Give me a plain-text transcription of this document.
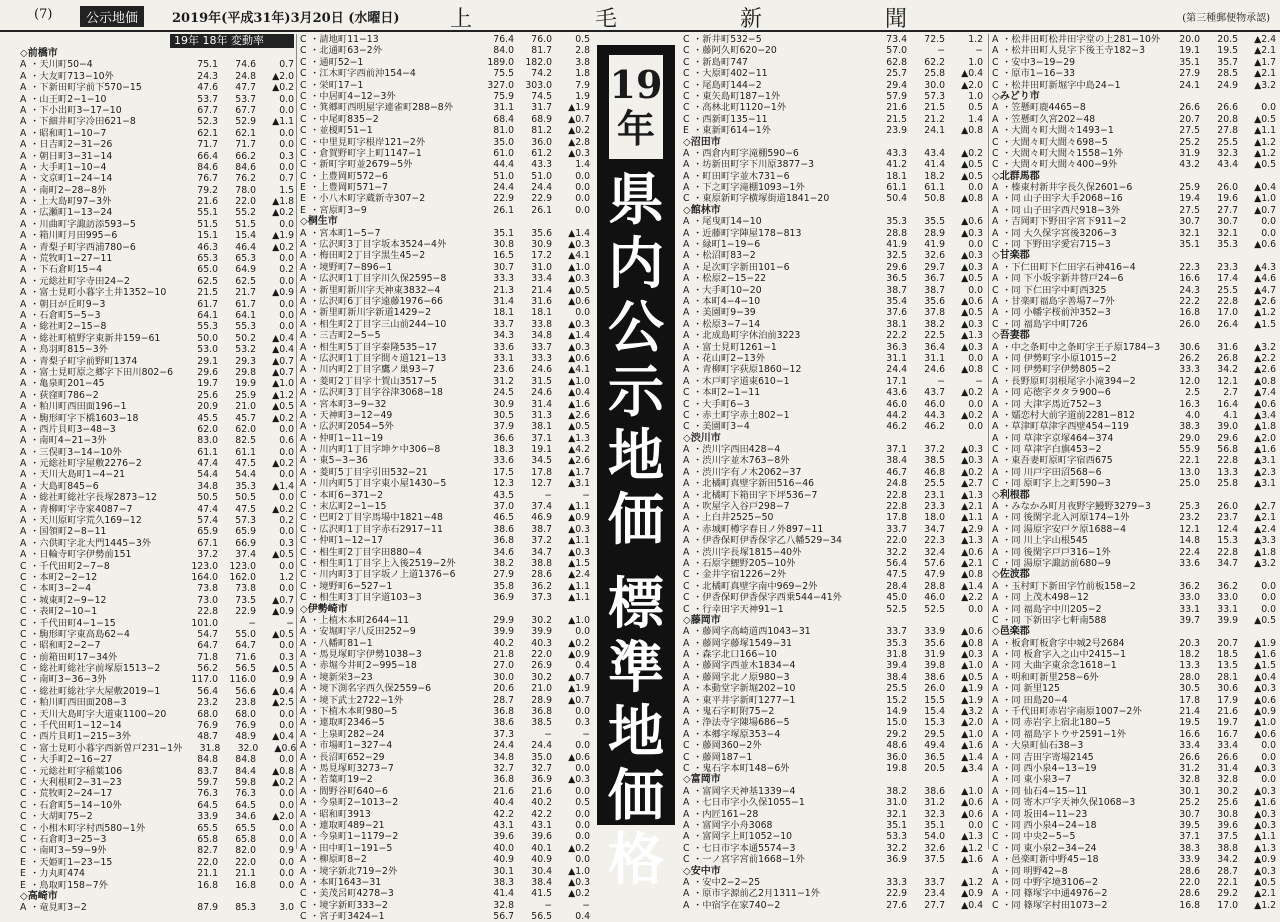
(7)	公示地価	2019年(平成31年)3月20日 (水曜日) 上 毛 新 聞	(第三種郵便物承認)
19年 18年 変動率
◇前橋市
A ・天川町50−4	75.1	74.6	0.7
A ・大友町713−10外	24.3	24.8	▲2.0
A ・下新田町字前下570−15	47.6	47.7	▲0.2
A ・山王町2−1−10	53.7	53.7	0.0
A ・下小出町3−17−10	67.7	67.7	0.0
A ・下細井町字冷田621−8	52.3	52.9	▲1.1
A ・昭和町1−10−7	62.1	62.1	0.0
A ・日吉町2−31−26	71.7	71.7	0.0
A ・朝日町3−31−14	66.4	66.2	0.3
A ・大手町1−10−4	84.6	84.6	0.0
A ・文京町1−24−14	76.7	76.2	0.7
A ・南町2−28−8外	79.2	78.0	1.5
A ・上大島町97−3外	21.6	22.0	▲1.8
A ・広瀬町1−13−24	55.1	55.2	▲0.2
A ・川曲町字諏訪添593−5	51.5	51.5	0.0
A ・箱川町月田995−6	15.1	15.4	▲1.9
A ・青梨子町字西浦780−6	46.3	46.4	▲0.2
A ・荒牧町1−27−11	65.3	65.3	0.0
A ・下石倉町15−4	65.0	64.9	0.2
A ・元総社町字寺田24−2	62.5	62.5	0.0
A ・富士見町小暮字土井1352−10	21.5	21.7	▲0.9
A ・朝日が丘町9−3	61.7	61.7	0.0
A ・石倉町5−5−3	64.1	64.1	0.0
A ・総社町2−15−8	55.3	55.3	0.0
A ・総社町植野字東新井159−61	50.0	50.2	▲0.4
A ・鳥羽町815−3外	53.0	53.2	▲0.4
A ・青梨子町字前野町1374	29.1	29.3	▲0.7
A ・富士見町原之郷字下田川802−6	29.6	29.8	▲0.7
A ・亀泉町201−45	19.7	19.9	▲1.0
A ・荻窪町786−2	25.6	25.9	▲1.2
A ・粕川町西田面196−1	20.9	21.0	▲0.5
A ・駒形町字下橋1603−18	45.5	45.7	▲0.2
A ・西片貝町3−48−3	62.0	62.0	0.0
A ・南町4−21−3外	83.0	82.5	0.6
A ・三俣町3−14−10外	61.1	61.1	0.0
A ・元総社町字屋敷2276−2	47.4	47.5	▲0.2
A ・天川大島町1−4−21	54.4	54.4	0.0
A ・大島町845−6	34.8	35.3	▲1.4
A ・総社町総社字長塚2873−12	50.5	50.5	0.0
A ・青柳町字寺家4087−7	47.4	47.5	▲0.2
A ・天川原町字荒久169−12	57.4	57.3	0.2
A ・国領町2−8−11	65.9	65.9	0.0
A ・六供町字北大門1445−3外	67.1	66.9	0.3
A ・日輪寺町字伊勢前151	37.2	37.4	▲0.5
C ・千代田町2−7−8	123.0	123.0	0.0
C ・本町2−2−12	164.0	162.0	1.2
C ・本町3−2−4	73.8	73.8	0.0
C ・城東町2−9−12	73.0	73.5	▲0.7
C ・表町2−10−1	22.8	22.9	▲0.9
C ・千代田町4−1−15	101.0	−	−
C ・駒形町字東高島62−4	54.7	55.0	▲0.5
C ・昭和町2−2−7	64.7	64.7	0.0
C ・前箱田町17−34外	71.8	71.6	0.3
C ・総社町総社字前塚原1513−2	56.2	56.5	▲0.5
C ・南町3−36−3外	117.0	116.0	0.9
C ・総社町総社字大屋敷2019−1	56.4	56.6	▲0.4
C ・粕川町西田面208−3	23.2	23.8	▲2.5
C ・天川大島町字大道東1100−20	68.0	68.0	0.0
C ・千代田町1−12−14	76.9	76.9	0.0
C ・西片貝町1−215−3外	48.7	48.9	▲0.4
C ・富士見町小暮字西新曽戸231−1外	31.8	32.0	▲0.6
C ・大手町2−16−27	84.8	84.8	0.0
C ・元総社町字稲葉106	83.7	84.4	▲0.8
C ・大利根町2−31−23	59.7	59.8	▲0.2
C ・荒牧町2−24−17	76.3	76.3	0.0
C ・石倉町5−14−10外	64.5	64.5	0.0
C ・大胡町75−2	33.9	34.6	▲2.0
C ・小相木町字村西580−1外	65.5	65.5	0.0
C ・石倉町3−25−3	65.8	65.8	0.0
C ・南町3−59−9外	82.7	82.0	0.9
E ・天姫町1−23−15	22.0	22.0	0.0
E ・力丸町474	21.1	21.1	0.0
E ・鳥取町158−7外	16.8	16.8	0.0
◇高崎市
A ・竜見町3−2	87.9	85.3	3.0
C ・請地町11−13	76.4	76.0	0.5
C ・北通町63−2外	84.0	81.7	2.8
C ・通町52−1	189.0	182.0	3.8
C ・江木町字西前沖154−4	75.5	74.2	1.8
C ・栄町17−1	327.0	303.0	7.9
C ・中居町4−12−3外	75.9	74.5	1.9
C ・箕郷町西明屋字連雀町288−8外	31.1	31.7	▲1.9
C ・中尾町835−2	68.4	68.9	▲0.7
C ・並榎町51−1	81.0	81.2	▲0.2
C ・中里見町字根岸121−2外	35.0	36.0	▲2.8
C ・倉賀野町字上町1147−1	61.0	61.2	▲0.3
C ・新町字町並2679−5外	44.4	43.3	1.4
C ・上豊岡町572−6	51.0	51.0	0.0
E ・上豊岡町571−7	24.4	24.4	0.0
E ・小八木町字蔵新寺307−2	22.9	22.9	0.0
E ・宮原町3−9	26.1	26.1	0.0
◇桐生市
A ・宮本町1−5−7	35.1	35.6	▲1.4
A ・広沢町3丁目字坂本3524−4外	30.8	30.9	▲0.3
A ・梅田町2丁目字黒生45−2	16.5	17.2	▲4.1
A ・境野町7−896−1	30.7	31.0	▲1.0
A ・広沢町1丁目字川久保2595−8	33.3	33.4	▲0.3
A ・新里町新川字天神東3832−4	21.3	21.4	▲0.5
A ・広沢町6丁目字遠藤1976−66	31.4	31.6	▲0.6
A ・新里町新川字新道1429−2	18.1	18.1	0.0
A ・相生町2丁目字三山前244−10	33.7	33.8	▲0.3
A ・三吉町2−5−5	34.3	34.8	▲1.4
A ・相生町5丁目字泰隆535−17	33.6	33.7	▲0.3
A ・広沢町1丁目字間々道121−13	33.1	33.3	▲0.6
A ・川内町2丁目字鷹ノ巣93−7	23.6	24.6	▲4.1
A ・菱町2丁目字十賀山3517−5	31.2	31.5	▲1.0
A ・広沢町3丁目字谷津3068−18	24.5	24.6	▲0.4
A ・宮本町3−9−32	30.9	31.4	▲1.6
A ・天神町3−12−49	30.5	31.3	▲2.6
A ・広沢町2054−5外	37.9	38.1	▲0.5
A ・仲町1−11−19	36.6	37.1	▲1.3
A ・川内町1丁目字坤ケ中306−8	18.3	19.1	▲4.2
A ・東5−3−36	33.6	34.5	▲2.6
A ・菱町5丁目字引田532−21	17.5	17.8	▲1.7
A ・川内町5丁目字東小屋1430−5	12.3	12.7	▲3.1
C ・本町6−371−2	43.5	−	−
C ・末広町2−1−15	37.0	37.4	▲1.1
C ・巴町2丁目字馬場中1821−48	46.5	46.9	▲0.9
C ・広沢町1丁目字赤石2917−11	38.6	38.7	▲0.3
C ・仲町1−12−17	36.8	37.2	▲1.1
C ・相生町2丁目字田880−4	34.6	34.7	▲0.3
C ・相生町1丁目字上入後2519−2外	38.2	38.8	▲1.5
C ・川内町3丁目字坂ノ上道1376−6	27.9	28.6	▲2.4
C ・境野町6−527−1	35.8	36.2	▲1.1
C ・相生町3丁目字道103−3	36.9	37.3	▲1.1
◇伊勢崎市
A ・上植木本町2644−11	29.9	30.2	▲1.0
A ・安堀町字八反田252−9	39.9	39.9	0.0
A ・八幡町81−1	40.2	40.3	▲0.2
A ・馬見塚町字伊勢1038−3	21.8	22.0	▲0.9
A ・赤堀今井町2−995−18	27.0	26.9	0.4
A ・境新栄3−23	30.0	30.2	▲0.7
A ・境下渕名字西久保2559−6	20.6	21.0	▲1.9
A ・境下武士2722−1外	28.7	28.9	▲0.7
A ・下植木本町980−5	36.8	36.8	0.0
A ・連取町2346−5	38.6	38.5	0.3
A ・上泉町282−24	37.3	−	−
A ・市場町1−327−4	24.4	24.4	0.0
A ・長沼町652−29	34.8	35.0	▲0.6
A ・馬見塚町3273−7	32.7	32.7	0.0
A ・若葉町19−2	36.8	36.9	▲0.3
A ・間野谷町640−6	21.6	21.6	0.0
A ・今泉町2−1013−2	40.4	40.2	0.5
A ・昭和町3913	42.2	42.2	0.0
A ・連取町489−21	43.1	43.1	0.0
A ・今泉町1−1179−2	39.6	39.6	0.0
A ・田中町1−191−5	40.0	40.1	▲0.2
A ・柳原町8−2	40.9	40.9	0.0
A ・境字新北719−2外	30.1	30.4	▲1.0
A ・本町1643−31	38.3	38.4	▲0.3
C ・美茂呂町4278−3	41.4	41.5	▲0.2
C ・境字新町333−2	32.8	−	−
C ・宮子町3424−1	56.7	56.5	0.4
19
年
県
内
公
示
地
価
標
準
地
価
格
C ・新井町532−5	73.4	72.5	1.2
C ・藤阿久町620−20	57.0	−	−
C ・新島町747	62.8	62.2	1.0
C ・大原町402−11	25.7	25.8	▲0.4
C ・尾島町144−2	29.4	30.0	▲2.0
C ・東矢島町187−1外	57.9	57.3	1.0
C ・高林北町1120−1外	21.6	21.5	0.5
C ・西新町135−11	21.5	21.2	1.4
E ・東新町614−1外	23.9	24.1	▲0.8
◇沼田市
A ・西倉内町字滝棚590−6	43.3	43.4	▲0.2
A ・坊新田町字下川原3877−3	41.2	41.4	▲0.5
A ・町田町字並木731−6	18.1	18.2	▲0.5
A ・下之町字滝棚1093−1外	61.1	61.1	0.0
C ・東原新町字横塚街道1841−20	50.4	50.8	▲0.8
◇館林市
A ・尾曳町14−10	35.3	35.5	▲0.6
A ・近藤町字陣屋178−813	28.8	28.9	▲0.3
A ・緑町1−19−6	41.9	41.9	0.0
A ・松沼町83−2	32.5	32.6	▲0.3
A ・足次町字新田101−6	29.6	29.7	▲0.3
A ・松原2−15−22	36.5	36.7	▲0.5
A ・大手町10−20	38.7	38.7	0.0
A ・本町4−4−10	35.4	35.6	▲0.6
A ・美園町9−39	37.6	37.8	▲0.5
A ・松原3−7−14	38.1	38.2	▲0.3
A ・北成島町字休泊前3223	22.2	22.5	▲1.3
A ・富士見町1261−1	36.3	36.4	▲0.3
A ・花山町2−13外	31.1	31.1	0.0
A ・青柳町字荻原1860−12	24.4	24.6	▲0.8
A ・木戸町字道東610−1	17.1	−	−
C ・本町2−1−11	43.6	43.7	▲0.2
C ・大手町6−3	46.0	46.0	0.0
C ・赤土町字赤土802−1	44.2	44.3	▲0.2
C ・美園町3−4	46.2	46.2	0.0
◇渋川市
A ・渋川字西田428−4	37.1	37.2	▲0.3
A ・渋川字並木763−8外	38.4	38.5	▲0.3
A ・渋川字有ノ木2062−37	46.7	46.8	▲0.2
A ・北橘町真壁字新田516−46	24.8	25.5	▲2.7
A ・北橘町下箱田字下坪536−7	22.8	23.1	▲1.3
A ・吹屋字入谷戸298−7	22.8	23.3	▲2.1
A ・上白井2525−50	17.8	18.0	▲1.1
A ・赤城町樽字春日ノ外897−11	33.7	34.7	▲2.9
A ・伊香保町伊香保字乙八幡529−34	22.0	22.3	▲1.3
A ・渋川字長塚1815−40外	32.2	32.4	▲0.6
A ・石原字鯉野205−10外	56.4	57.6	▲2.1
C ・金井字宿1226−2外	47.5	47.9	▲0.8
C ・北橘町真壁字南中969−2外	28.4	28.8	▲1.4
C ・伊香保町伊香保字西乗544−41外	45.0	46.0	▲2.2
C ・行幸田字天神91−1	52.5	52.5	0.0
◇藤岡市
A ・藤岡字高崎道西1043−31	33.7	33.9	▲0.6
A ・藤岡字藤塚1549−31	35.3	35.6	▲0.8
A ・森字北口166−10	31.8	31.9	▲0.3
A ・藤岡字西並木1834−4	39.4	39.8	▲1.0
A ・藤岡字北ノ原980−3	38.4	38.6	▲0.5
A ・本動堂字新堀202−10	25.5	26.0	▲1.9
A ・東平井字新町1277−1	15.2	15.5	▲1.9
A ・鬼石字町附75−2	14.9	15.4	▲3.2
A ・浄法寺字陳場686−5	15.0	15.3	▲2.0
A ・本郷字塚原353−4	29.2	29.5	▲1.0
C ・藤岡360−2外	48.6	49.4	▲1.6
C ・藤岡187−1	36.0	36.5	▲1.4
C ・鬼石字本町148−6外	19.8	20.5	▲3.4
◇富岡市
A ・富岡字天神基1339−4	38.2	38.6	▲1.0
A ・七日市字小久保1055−1	31.0	31.2	▲0.6
A ・内匠161−28	32.1	32.3	▲0.6
A ・富岡字小舟3068	35.1	35.1	0.0
A ・富岡字上町1052−10	53.3	54.0	▲1.3
C ・七日市字本通5574−3	32.2	32.6	▲1.2
C ・一ノ宮字宮前1668−1外	36.9	37.5	▲1.6
◇安中市
A ・安中2−2−25	33.3	33.7	▲1.2
A ・原市字源前乙2月1311−1外	22.9	23.4	▲0.9
A ・中宿字在家740−2	27.6	27.7	▲0.4
A ・松井田町松井田字堂の上281−10外	20.0	20.5	▲2.4
A ・松井田町人見字下後王寺182−3	19.1	19.5	▲2.1
C ・安中3−19−29	35.1	35.7	▲1.7
C ・原市1−16−33	27.9	28.5	▲2.1
C ・松井田町新堀字中島24−1	24.1	24.9	▲3.2
◇みどり市
A ・笠懸町鹿4465−8	26.6	26.6	0.0
A ・笠懸町久宮202−48	20.7	20.8	▲0.5
A ・大間々町大間々1493−1	27.5	27.8	▲1.1
C ・大間々町大間々698−5	25.2	25.5	▲1.2
C ・大間々町大間々1558−1外	31.9	32.3	▲1.2
C ・大間々町大間々400−9外	43.2	43.4	▲0.5
◇北群馬郡
A ・榛東村新井字長久保2601−6	25.9	26.0	▲0.4
A ・同 山子田字大手2068−16	19.4	19.6	▲1.0
A ・同 山子田字西尺918−3外	27.5	27.7	▲0.7
A ・吉岡町下野田字宮下911−2	30.7	30.7	0.0
A ・同 大久保字宮後3206−3	32.1	32.1	0.0
C ・同 下野田字愛宕715−3	35.1	35.3	▲0.6
◇甘楽郡
A ・下仁田町下仁田字石神416−4	22.3	23.3	▲4.3
A ・同 下小坂字新井替戸24−6	16.6	17.4	▲4.6
C ・同 下仁田字中町西325	24.3	25.5	▲4.7
A ・甘楽町福島字善場7−7外	22.2	22.8	▲2.6
A ・同 小幡字桜前沖352−3	16.8	17.0	▲1.2
C ・同 福島字中町726	26.0	26.4	▲1.5
◇吾妻郡
A ・中之条町中之条町字王子原1784−3	30.6	31.6	▲3.2
A ・同 伊勢町字小原1015−2	26.2	26.8	▲2.2
C ・同 伊勢町字伊勢805−2	33.3	34.2	▲2.6
A ・長野原町羽根尾字小滝394−2	12.0	12.1	▲0.8
A ・同 応徳字タタラ900−6	2.5	2.7	▲7.4
A ・同 大津字馬近752−3	16.3	16.4	▲0.6
A ・嬬恋村大前字道前2281−812	4.0	4.1	▲3.4
A ・草津町草津字西壁454−119	38.3	39.0	▲1.8
A ・同 草津字京塚464−374	29.0	29.6	▲2.0
C ・同 草津字白旗453−2	55.9	56.8	▲1.6
A ・東吾妻町原町字宿西675	22.1	22.8	▲3.1
A ・同 川戸字田沼568−6	13.0	13.3	▲2.3
C ・同 原町字上之町590−3	25.0	25.8	▲3.1
◇利根郡
A ・みなかみ町月夜野字鰻野3279−3	25.3	26.0	▲2.7
A ・同 後閑字北入河原174−1外	23.2	23.7	▲2.1
A ・同 湯原字安戸ケ原1688−4	12.1	12.4	▲2.4
A ・同 川上字山根545	14.8	15.3	▲3.3
A ・同 後閑字戸戸316−1外	22.4	22.8	▲1.8
C ・同 湯原字諏訪前680−9	33.6	34.7	▲3.2
◇佐波郡
A ・玉村町下新田字竹前板158−2	36.2	36.2	0.0
A ・同 上茂木498−12	33.0	33.0	0.0
A ・同 福島字中川205−2	33.1	33.1	0.0
C ・同 下新田字七軒南588	39.7	39.9	▲0.5
◇邑楽郡
A ・板倉町板倉字中城2号2684	20.3	20.7	▲1.9
A ・同 板倉字入之山中2415−1	18.2	18.5	▲1.6
A ・同 大曲字東余念1618−1	13.3	13.5	▲1.5
A ・明和町新里258−6外	28.0	28.1	▲0.4
A ・同 新里125	30.5	30.6	▲0.3
A ・同 田島20−4	17.8	17.9	▲0.6
A ・千代田町赤岩字南原1007−2外	21.4	21.6	▲0.9
A ・同 赤岩字上宿北180−5	19.5	19.7	▲1.0
A ・同 福島字トウサ2591−1外	16.6	16.7	▲0.6
A ・大泉町仙石38−3	33.4	33.4	0.0
A ・同 吉田字寄場2145	26.6	26.6	0.0
A ・同 西小泉4−13−19	31.2	31.4	▲0.3
A ・同 東小泉3−7	32.8	32.8	0.0
A ・同 仙石4−15−11	30.1	30.2	▲0.3
A ・同 寄木戸字天神久保1068−3	25.2	25.6	▲1.6
A ・同 坂田4−11−23	30.7	30.8	▲0.3
C ・同 西小泉4−24−18	39.5	39.6	▲0.3
C ・同 中央2−5−5	37.1	37.5	▲1.1
C ・同 東小泉2−34−24	38.3	38.8	▲1.3
A ・邑楽町新中野45−18	33.9	34.2	▲0.9
A ・同 明野42−8	28.6	28.7	▲0.3
A ・同 中野字境3106−2	22.0	22.1	▲0.5
A ・同 篠塚字中通4976−2	28.6	29.2	▲2.1
C ・同 篠塚字村田1073−2	16.8	17.0	▲1.2
